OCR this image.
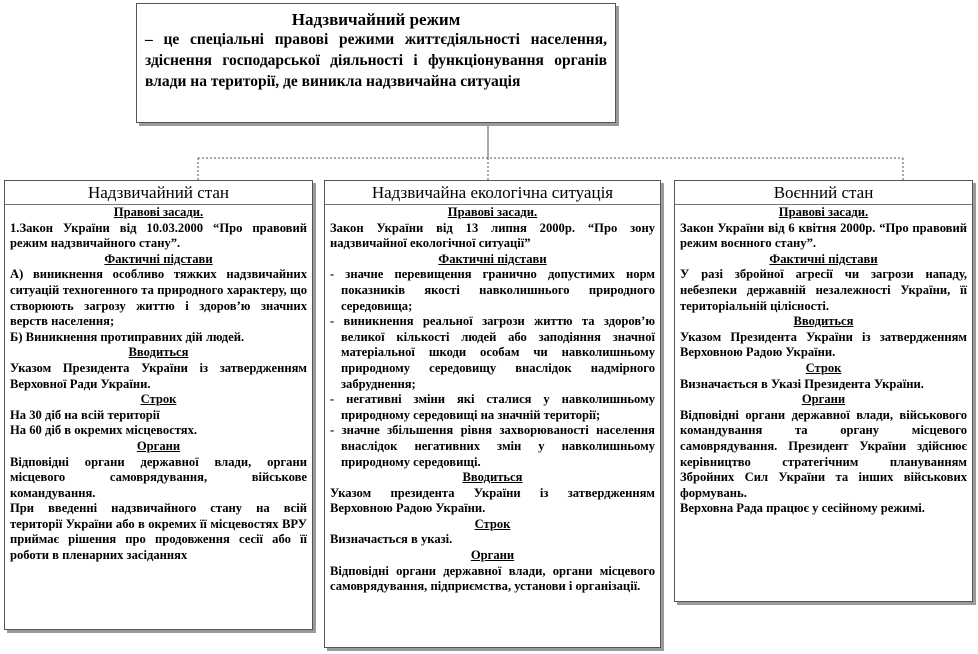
Надзвичайний режим
– це спеціальні правові режими життєдіяльності населення, здіснення господарської діяльності і функціонування органів влади на території, де виникла надзвичайна ситуація
Надзвичайний стан
Правові засади.

1.Закон України від 10.03.2000 “Про правовий режим надзвичайного стану”.

Фактичні підстави

А) виникнення особливо тяжких надзвичайних ситуацій техногенного та природного характеру, що створюють загрозу життю і здоров’ю значних верств населення;

Б) Виникнення протиправних дій людей.

Вводиться

Указом Президента України із затвердженням Верховної Ради України.

Строк

На 30 діб на всій території

На 60 діб в окремих місцевостях.

Органи

Відповідні органи державної влади, органи місцевого самоврядування, військове командування.

При введенні надзвичайного стану на всій території України або в окремих її місцевостях ВРУ приймає рішення про продовження сесії або її роботи в пленарних засіданнях

Надзвичайна екологічна ситуація
Правові засади.

Закон України від 13 липня 2000р. “Про зону надзвичайної екологічної ситуації”

Фактичні підстави

- значне перевищення гранично допустимих норм показників якості навколишнього природного середовища;

- виникнення реальної загрози життю та здоров’ю великої кількості людей або заподіяння значної матеріальної шкоди особам чи навколишньому природному середовищу внаслідок надмірного забруднення;

- негативні зміни які сталися у навколишньому природному середовищі на значній території;

- значне збільшення рівня захворюваності населення внаслідок негативних змін у навколишньому природному середовищі.

Вводиться

Указом президента України із затвердженням Верховною Радою України.

Строк

Визначається в указі.

Органи

Відповідні органи державної влади, органи місцевого самоврядування, підприємства, установи і організації.

Воєнний стан
Правові засади.

Закон України від 6 квітня 2000р. “Про правовий режим воєнного стану”.

Фактичні підстави

У разі збройної агресії чи загрози нападу, небезпеки державній незалежності України, її територіальній цілісності.

Вводиться

Указом Президента України із затвердженням Верховною Радою України.

Строк

Визначається в Указі Президента України.

Органи

Відповідні органи державної влади, військового командування та органу місцевого самоврядування. Президент України здійснює керівництво стратегічним плануванням Збройних Сил України та інших військових формувань.

Верховна Рада працює у сесійному режимі.
